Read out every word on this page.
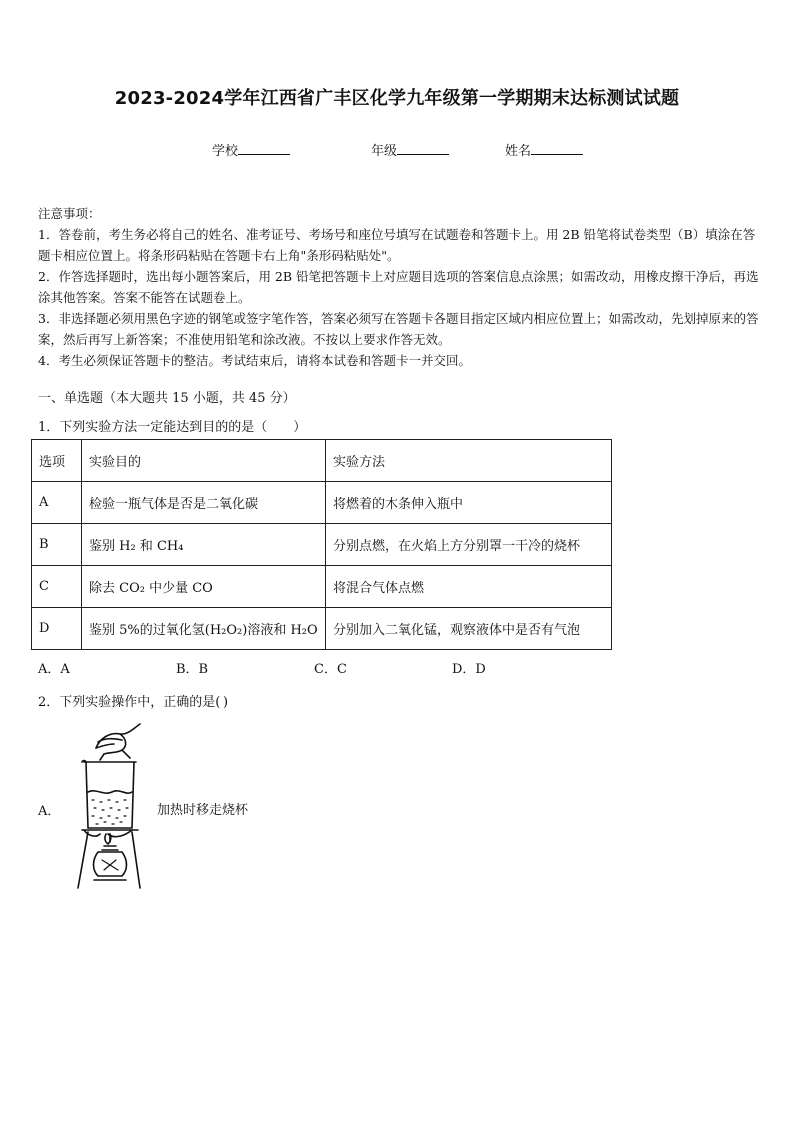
2023-2024学年江西省广丰区化学九年级第一学期期末达标测试试题
学校	年级	姓名

注意事项：

1．答卷前，考生务必将自己的姓名、准考证号、考场号和座位号填写在试题卷和答题卡上。用 2B 铅笔将试卷类型（B）填涂在答题卡相应位置上。将条形码粘贴在答题卡右上角"条形码粘贴处"。

2．作答选择题时，选出每小题答案后，用 2B 铅笔把答题卡上对应题目选项的答案信息点涂黑；如需改动，用橡皮擦干净后，再选涂其他答案。答案不能答在试题卷上。

3．非选择题必须用黑色字迹的钢笔或签字笔作答，答案必须写在答题卡各题目指定区域内相应位置上；如需改动，先划掉原来的答案，然后再写上新答案；不准使用铅笔和涂改液。不按以上要求作答无效。

4．考生必须保证答题卡的整洁。考试结束后，请将本试卷和答题卡一并交回。

一、单选题（本大题共 15 小题，共 45 分）
1．下列实验方法一定能达到目的的是（　　）
选项	实验目的	实验方法
A	检验一瓶气体是否是二氧化碳	将燃着的木条伸入瓶中
B	鉴别 H₂ 和 CH₄	分别点燃，在火焰上方分别罩一干冷的烧杯
C	除去 CO₂ 中少量 CO	将混合气体点燃
D	鉴别 5%的过氧化氢(H₂O₂)溶液和 H₂O	分别加入二氧化锰，观察液体中是否有气泡
A．A	B．B	C．C	D．D
2．下列实验操作中，正确的是( )
A．	加热时移走烧杯
